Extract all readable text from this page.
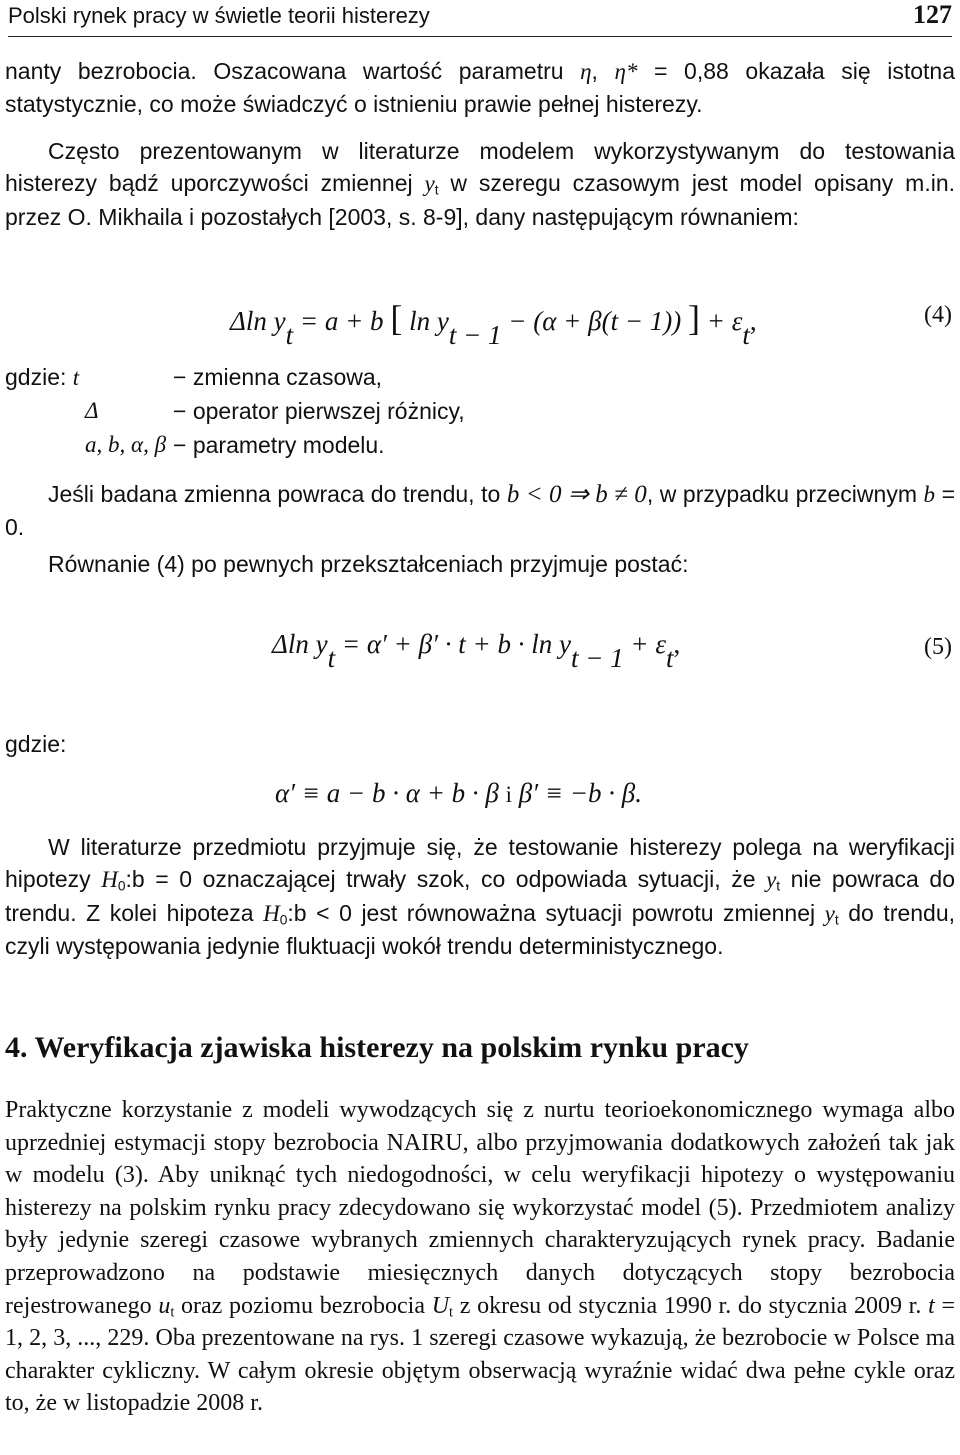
Polski rynek pracy w świetle teorii histerezy	127
nanty bezrobocia. Oszacowana wartość parametru η, η* = 0,88 okazała się istotna statystycznie, co może świadczyć o istnieniu prawie pełnej histerezy.
Często prezentowanym w literaturze modelem wykorzystywanym do testowania histerezy bądź uporczywości zmiennej $y_t$ w szeregu czasowym jest model opisany m.in. przez O. Mikhaila i pozostałych [2003, s. 8-9], dany następującym równaniem:
Δln yt = a + b [ ln yt − 1 − (α + β(t − 1)) ] + εt,	(4)
gdzie: t	− zmienna czasowa,
Δ	− operator pierwszej różnicy,
a, b, α, β − parametry modelu.
Jeśli badana zmienna powraca do trendu, to b < 0 ⇒ b ≠ 0, w przypadku przeciwnym b = 0.
Równanie (4) po pewnych przekształceniach przyjmuje postać:
Δln yt = α′ + β′ · t + b · ln yt − 1 + εt,	(5)
gdzie:
α′ ≡ a − b · α + b · β i β′ ≡ −b · β.
W literaturze przedmiotu przyjmuje się, że testowanie histerezy polega na weryfikacji hipotezy $H_0:b = 0$ oznaczającej trwały szok, co odpowiada sytuacji, że $y_t$ nie powraca do trendu. Z kolei hipoteza $H_0:b < 0$ jest równoważna sytuacji powrotu zmiennej $y_t$ do trendu, czyli występowania jedynie fluktuacji wokół trendu deterministycznego.
4. Weryfikacja zjawiska histerezy na polskim rynku pracy
Praktyczne korzystanie z modeli wywodzących się z nurtu teorioekonomicznego wymaga albo uprzedniej estymacji stopy bezrobocia NAIRU, albo przyjmowania dodatkowych założeń tak jak w modelu (3). Aby uniknąć tych niedogodności, w celu weryfikacji hipotezy o występowaniu histerezy na polskim rynku pracy zdecydowano się wykorzystać model (5). Przedmiotem analizy były jedynie szeregi czasowe wybranych zmiennych charakteryzujących rynek pracy. Badanie przeprowadzono na podstawie miesięcznych danych dotyczących stopy bezrobocia rejestrowanego $u_t$ oraz poziomu bezrobocia $U_t$ z okresu od stycznia 1990 r. do stycznia 2009 r. t = 1, 2, 3, ..., 229. Oba prezentowane na rys. 1 szeregi czasowe wykazują, że bezrobocie w Polsce ma charakter cykliczny. W całym okresie objętym obserwacją wyraźnie widać dwa pełne cykle oraz to, że w listopadzie 2008 r.
